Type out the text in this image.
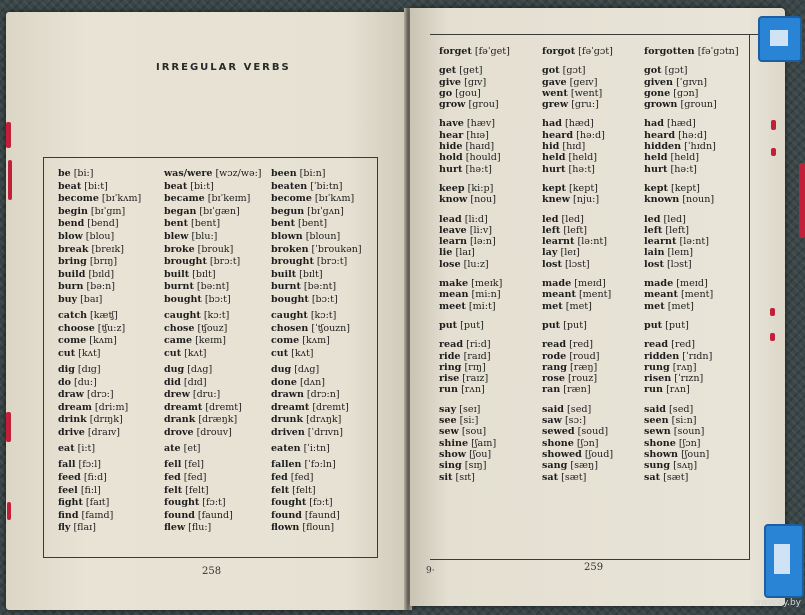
IRREGULAR VERBS
be [bi:]
beat [bi:t]
become [bɪˈkʌm]
begin [bɪˈgɪn]
bend [bend]
blow [blou]
break [breɪk]
bring [brɪŋ]
build [bɪld]
burn [bə:n]
buy [baɪ]
catch [kæʧ]
choose [ʧu:z]
come [kʌm]
cut [kʌt]
dig [dɪg]
do [du:]
draw [drɔ:]
dream [dri:m]
drink [drɪŋk]
drive [draɪv]
eat [i:t]
fall [fɔ:l]
feed [fi:d]
feel [fi:l]
fight [faɪt]
find [faɪnd]
fly [flaɪ]
was/were [wɔz/wə:]
beat [bi:t]
became [bɪˈkeɪm]
began [bɪˈgæn]
bent [bent]
blew [blu:]
broke [brouk]
brought [brɔ:t]
built [bɪlt]
burnt [bə:nt]
bought [bɔ:t]
caught [kɔ:t]
chose [ʧouz]
came [keɪm]
cut [kʌt]
dug [dʌg]
did [dɪd]
drew [dru:]
dreamt [dremt]
drank [dræŋk]
drove [drouv]
ate [et]
fell [fel]
fed [fed]
felt [felt]
fought [fɔ:t]
found [faund]
flew [flu:]
been [bi:n]
beaten [ˈbi:tn]
become [bɪˈkʌm]
begun [bɪˈgʌn]
bent [bent]
blown [bloun]
broken [ˈbroukən]
brought [brɔ:t]
built [bɪlt]
burnt [bə:nt]
bought [bɔ:t]
caught [kɔ:t]
chosen [ˈʧouzn]
come [kʌm]
cut [kʌt]
dug [dʌg]
done [dʌn]
drawn [drɔ:n]
dreamt [dremt]
drunk [drʌŋk]
driven [ˈdrɪvn]
eaten [ˈi:tn]
fallen [ˈfɔ:ln]
fed [fed]
felt [felt]
fought [fɔ:t]
found [faund]
flown [floun]
258
forget [fəˈget]
get [get]
give [gɪv]
go [gou]
grow [grou]
have [hæv]
hear [hɪə]
hide [haɪd]
hold [hould]
hurt [hə:t]
keep [ki:p]
know [nou]
lead [li:d]
leave [li:v]
learn [lə:n]
lie [laɪ]
lose [lu:z]
make [meɪk]
mean [mi:n]
meet [mi:t]
put [put]
read [ri:d]
ride [raɪd]
ring [rɪŋ]
rise [raɪz]
run [rʌn]
say [seɪ]
see [si:]
sew [sou]
shine [ʃaɪn]
show [ʃou]
sing [sɪŋ]
sit [sɪt]
forgot [fəˈgɔt]
got [gɔt]
gave [geɪv]
went [went]
grew [gru:]
had [hæd]
heard [hə:d]
hid [hɪd]
held [held]
hurt [hə:t]
kept [kept]
knew [nju:]
led [led]
left [left]
learnt [lə:nt]
lay [leɪ]
lost [lɔst]
made [meɪd]
meant [ment]
met [met]
put [put]
read [red]
rode [roud]
rang [ræŋ]
rose [rouz]
ran [ræn]
said [sed]
saw [sɔ:]
sewed [soud]
shone [ʃɔn]
showed [ʃoud]
sang [sæŋ]
sat [sæt]
forgotten [fəˈgɔtn]
got [gɔt]
given [ˈgɪvn]
gone [gɔn]
grown [groun]
had [hæd]
heard [hə:d]
hidden [ˈhɪdn]
held [held]
hurt [hə:t]
kept [kept]
known [noun]
led [led]
left [left]
learnt [lə:nt]
lain [leɪn]
lost [lɔst]
made [meɪd]
meant [ment]
met [met]
put [put]
read [red]
ridden [ˈrɪdn]
rung [rʌŋ]
risen [ˈrɪzn]
run [rʌn]
said [sed]
seen [si:n]
sewn [soun]
shone [ʃɔn]
shown [ʃoun]
sung [sʌŋ]
sat [sæt]
259
9·
www.ay.by
